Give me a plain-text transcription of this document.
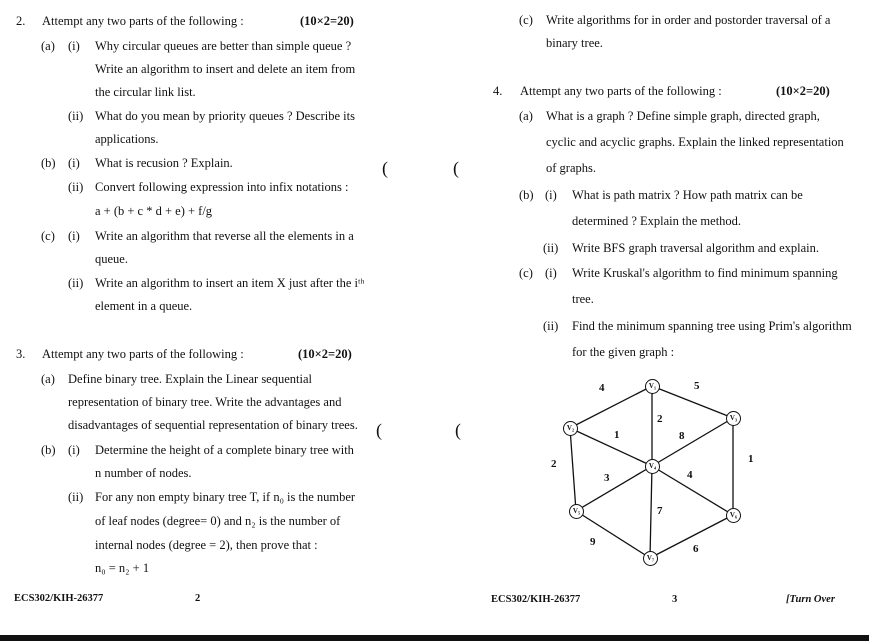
2. Attempt any two parts of the following :	(10×2=20)
(a) (i) Why circular queues are better than simple queue ?
Write an algorithm to insert and delete an item from
the circular link list.
(ii) What do you mean by priority queues ? Describe its
applications.
(b) (i) What is recusion ? Explain.
(ii) Convert following expression into infix notations :
a + (b + c * d + e) + f/g
(c) (i) Write an algorithm that reverse all the elements in a
queue.
(ii) Write an algorithm to insert an item X just after the iᵗʰ
element in a queue.
3. Attempt any two parts of the following :	(10×2=20)
(a) Define binary tree. Explain the Linear sequential
representation of binary tree. Write the advantages and
disadvantages of sequential representation of binary trees.
(b) (i) Determine the height of a complete binary tree with
n number of nodes.
(ii) For any non empty binary tree T, if n₀ is the number
of leaf nodes (degree= 0) and n₂ is the number of
internal nodes (degree = 2), then prove that :
n₀ = n₂ + 1
ECS302/KIH-26377	2
(	(
(	(
(c) Write algorithms for in order and postorder traversal of a
binary tree.
4. Attempt any two parts of the following :	(10×2=20)
(a) What is a graph ? Define simple graph, directed graph,
cyclic and acyclic graphs. Explain the linked representation
of graphs.
(b) (i) What is path matrix ? How path matrix can be
determined ? Explain the method.
(ii) Write BFS graph traversal algorithm and explain.
(c) (i) Write Kruskal's algorithm to find minimum spanning
tree.
(ii) Find the minimum spanning tree using Prim's algorithm
for the given graph :
V₁
V₂
V₃
V₄
V₅	V₆
V₇
4	5
2
1	8
1
2
3	4
7
9
6
ECS302/KIH-26377	3	[Turn Over
